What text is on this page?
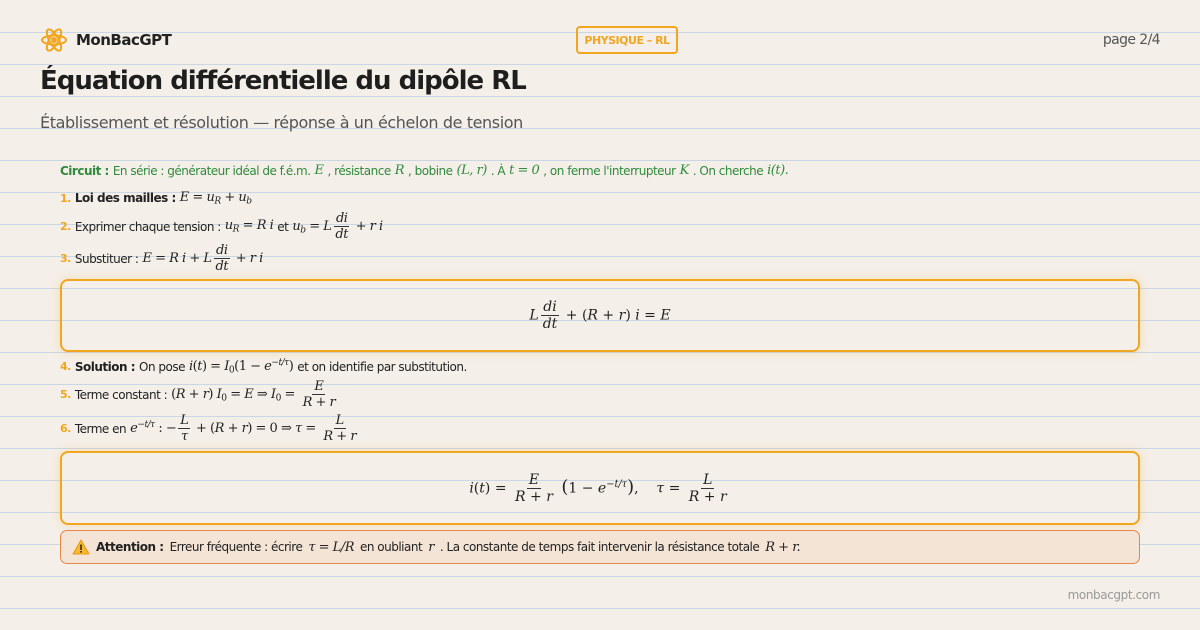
MonBacGPT	PHYSIQUE – RL	page 2/4
Équation différentielle du dipôle RL
Établissement et résolution — réponse à un échelon de tension
Circuit : En série : générateur idéal de f.é.m. E , résistance R , bobine (L, r) . À t = 0 , on ferme l'interrupteur K . On cherche i(t).
1. Loi des mailles : $E = u_R + u_b$
2. Exprimer chaque tension : $u_R = R$ i et $u_b = L \frac{di}{dt} + r$ i
3. Substituer : E = R i + L $\frac{di}{dt} + r$ i
L $\frac{di}{dt} + (R + r) i = E$
4. Solution : On pose $i(t) = I_0(1 - e^{-t/\tau})$ et on identifie par substitution.
5. Terme constant : (R + r) $I_0 = E$ ⇒ $I_0 = \frac{E}{R + r}$
6. Terme en $e^{-t/\tau}$ : − $\frac{L}{\tau} + (R + r) = 0$ ⇒ $\tau = \frac{L}{R + r}$
$i(t) = \frac{E}{R + r} (1 - e^{-t/\tau})$,    $\tau = \frac{L}{R + r}$
Attention : Erreur fréquente : écrire τ = L/R en oubliant r . La constante de temps fait intervenir la résistance totale R + r.
monbacgpt.com
